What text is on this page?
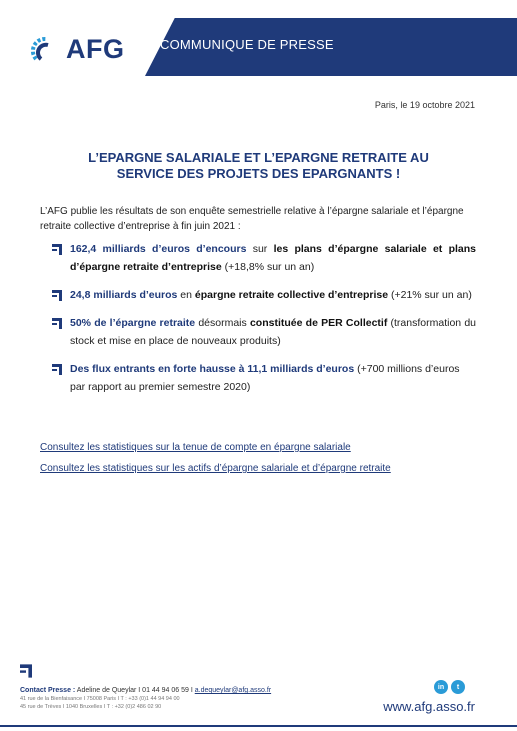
AFG	COMMUNIQUE DE PRESSE
Paris, le 19 octobre 2021
L’EPARGNE SALARIALE ET L’EPARGNE RETRAITE AU
SERVICE DES PROJETS DES EPARGNANTS !
L’AFG publie les résultats de son enquête semestrielle relative à l’épargne salariale et l’épargne retraite collective d’entreprise à fin juin 2021 :
162,4 milliards d’euros d’encours sur les plans d’épargne salariale et plans d’épargne retraite d’entreprise (+18,8% sur un an)
24,8 milliards d’euros en épargne retraite collective d’entreprise (+21% sur un an)
50% de l’épargne retraite désormais constituée de PER Collectif (transformation du stock et mise en place de nouveaux produits)
Des flux entrants en forte hausse à 11,1 milliards d’euros (+700 millions d’euros par rapport au premier semestre 2020)
Consultez les statistiques sur la tenue de compte en épargne salariale
Consultez les statistiques sur les actifs d’épargne salariale et d’épargne retraite
Contact Presse : Adeline de Queylar I 01 44 94 06 59 I a.dequeylar@afg.asso.fr
41 rue de la Bienfaisance I 75008 Paris I T : +33 (0)1 44 94 94 00
45 rue de Trèves I 1040 Bruxelles I T : +32 (0)2 486 02 90
in	t
www.afg.asso.fr
